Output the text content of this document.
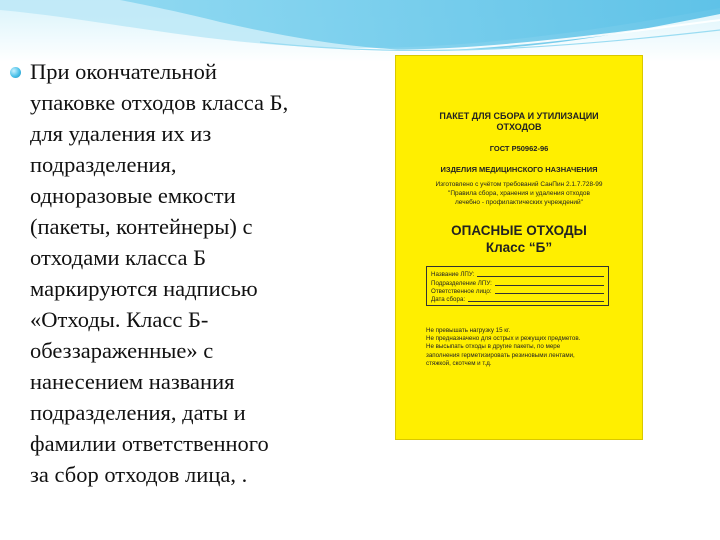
При окончательной
упаковке отходов класса Б,
для удаления их из
подразделения,
одноразовые емкости
(пакеты, контейнеры) с
отходами класса Б
маркируются надписью
«Отходы. Класс Б-
обеззараженные» с
нанесением названия
подразделения, даты и
фамилии ответственного
за сбор отходов лица, .

ПАКЕТ ДЛЯ СБОРА И УТИЛИЗАЦИИ
ОТХОДОВ
ГОСТ Р50962-96
ИЗДЕЛИЯ МЕДИЦИНСКОГО НАЗНАЧЕНИЯ
Изготовлено с учётом требований СанПин 2.1.7.728-99
"Правила сбора, хранения и удаления отходов
лечебно - профилактических учреждений"
ОПАСНЫЕ ОТХОДЫ
Класс “Б”
Название ЛПУ:
Подразделение ЛПУ:
Ответственное лицо:
Дата сбора:
Не превышать нагрузку 15 кг.
Не предназначено для острых и режущих предметов.
Не высыпать отходы в другие пакеты, по мере
заполнения герметизировать резиновыми лентами,
стяжкой, скотчем и т.д.
